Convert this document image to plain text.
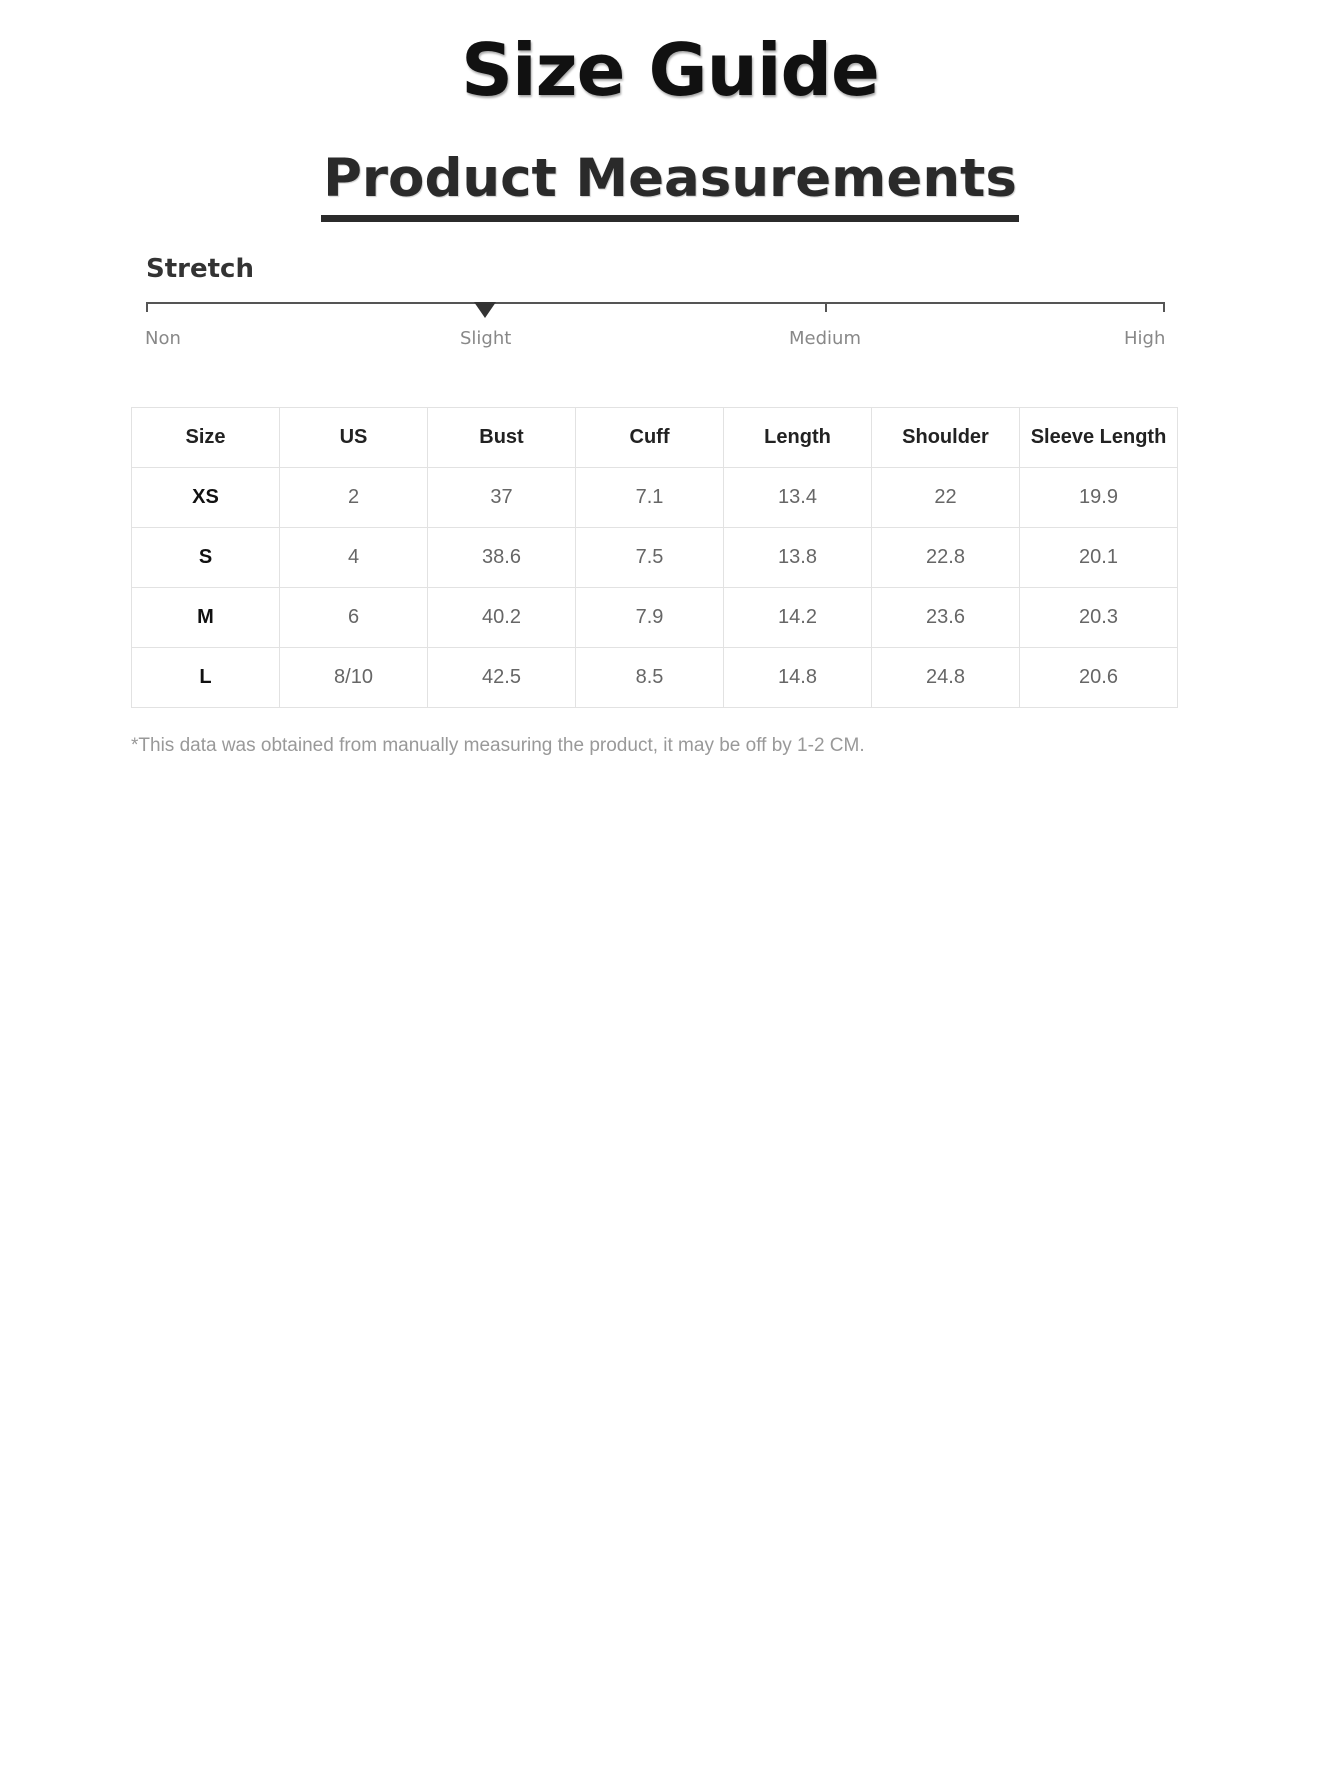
Size Guide
Product Measurements
Stretch
Non	Slight	Medium	High
Size	US	Bust	Cuff	Length	Shoulder	Sleeve Length
XS	2	37	7.1	13.4	22	19.9
S	4	38.6	7.5	13.8	22.8	20.1
M	6	40.2	7.9	14.2	23.6	20.3
L	8/10	42.5	8.5	14.8	24.8	20.6
*This data was obtained from manually measuring the product, it may be off by 1-2 CM.
